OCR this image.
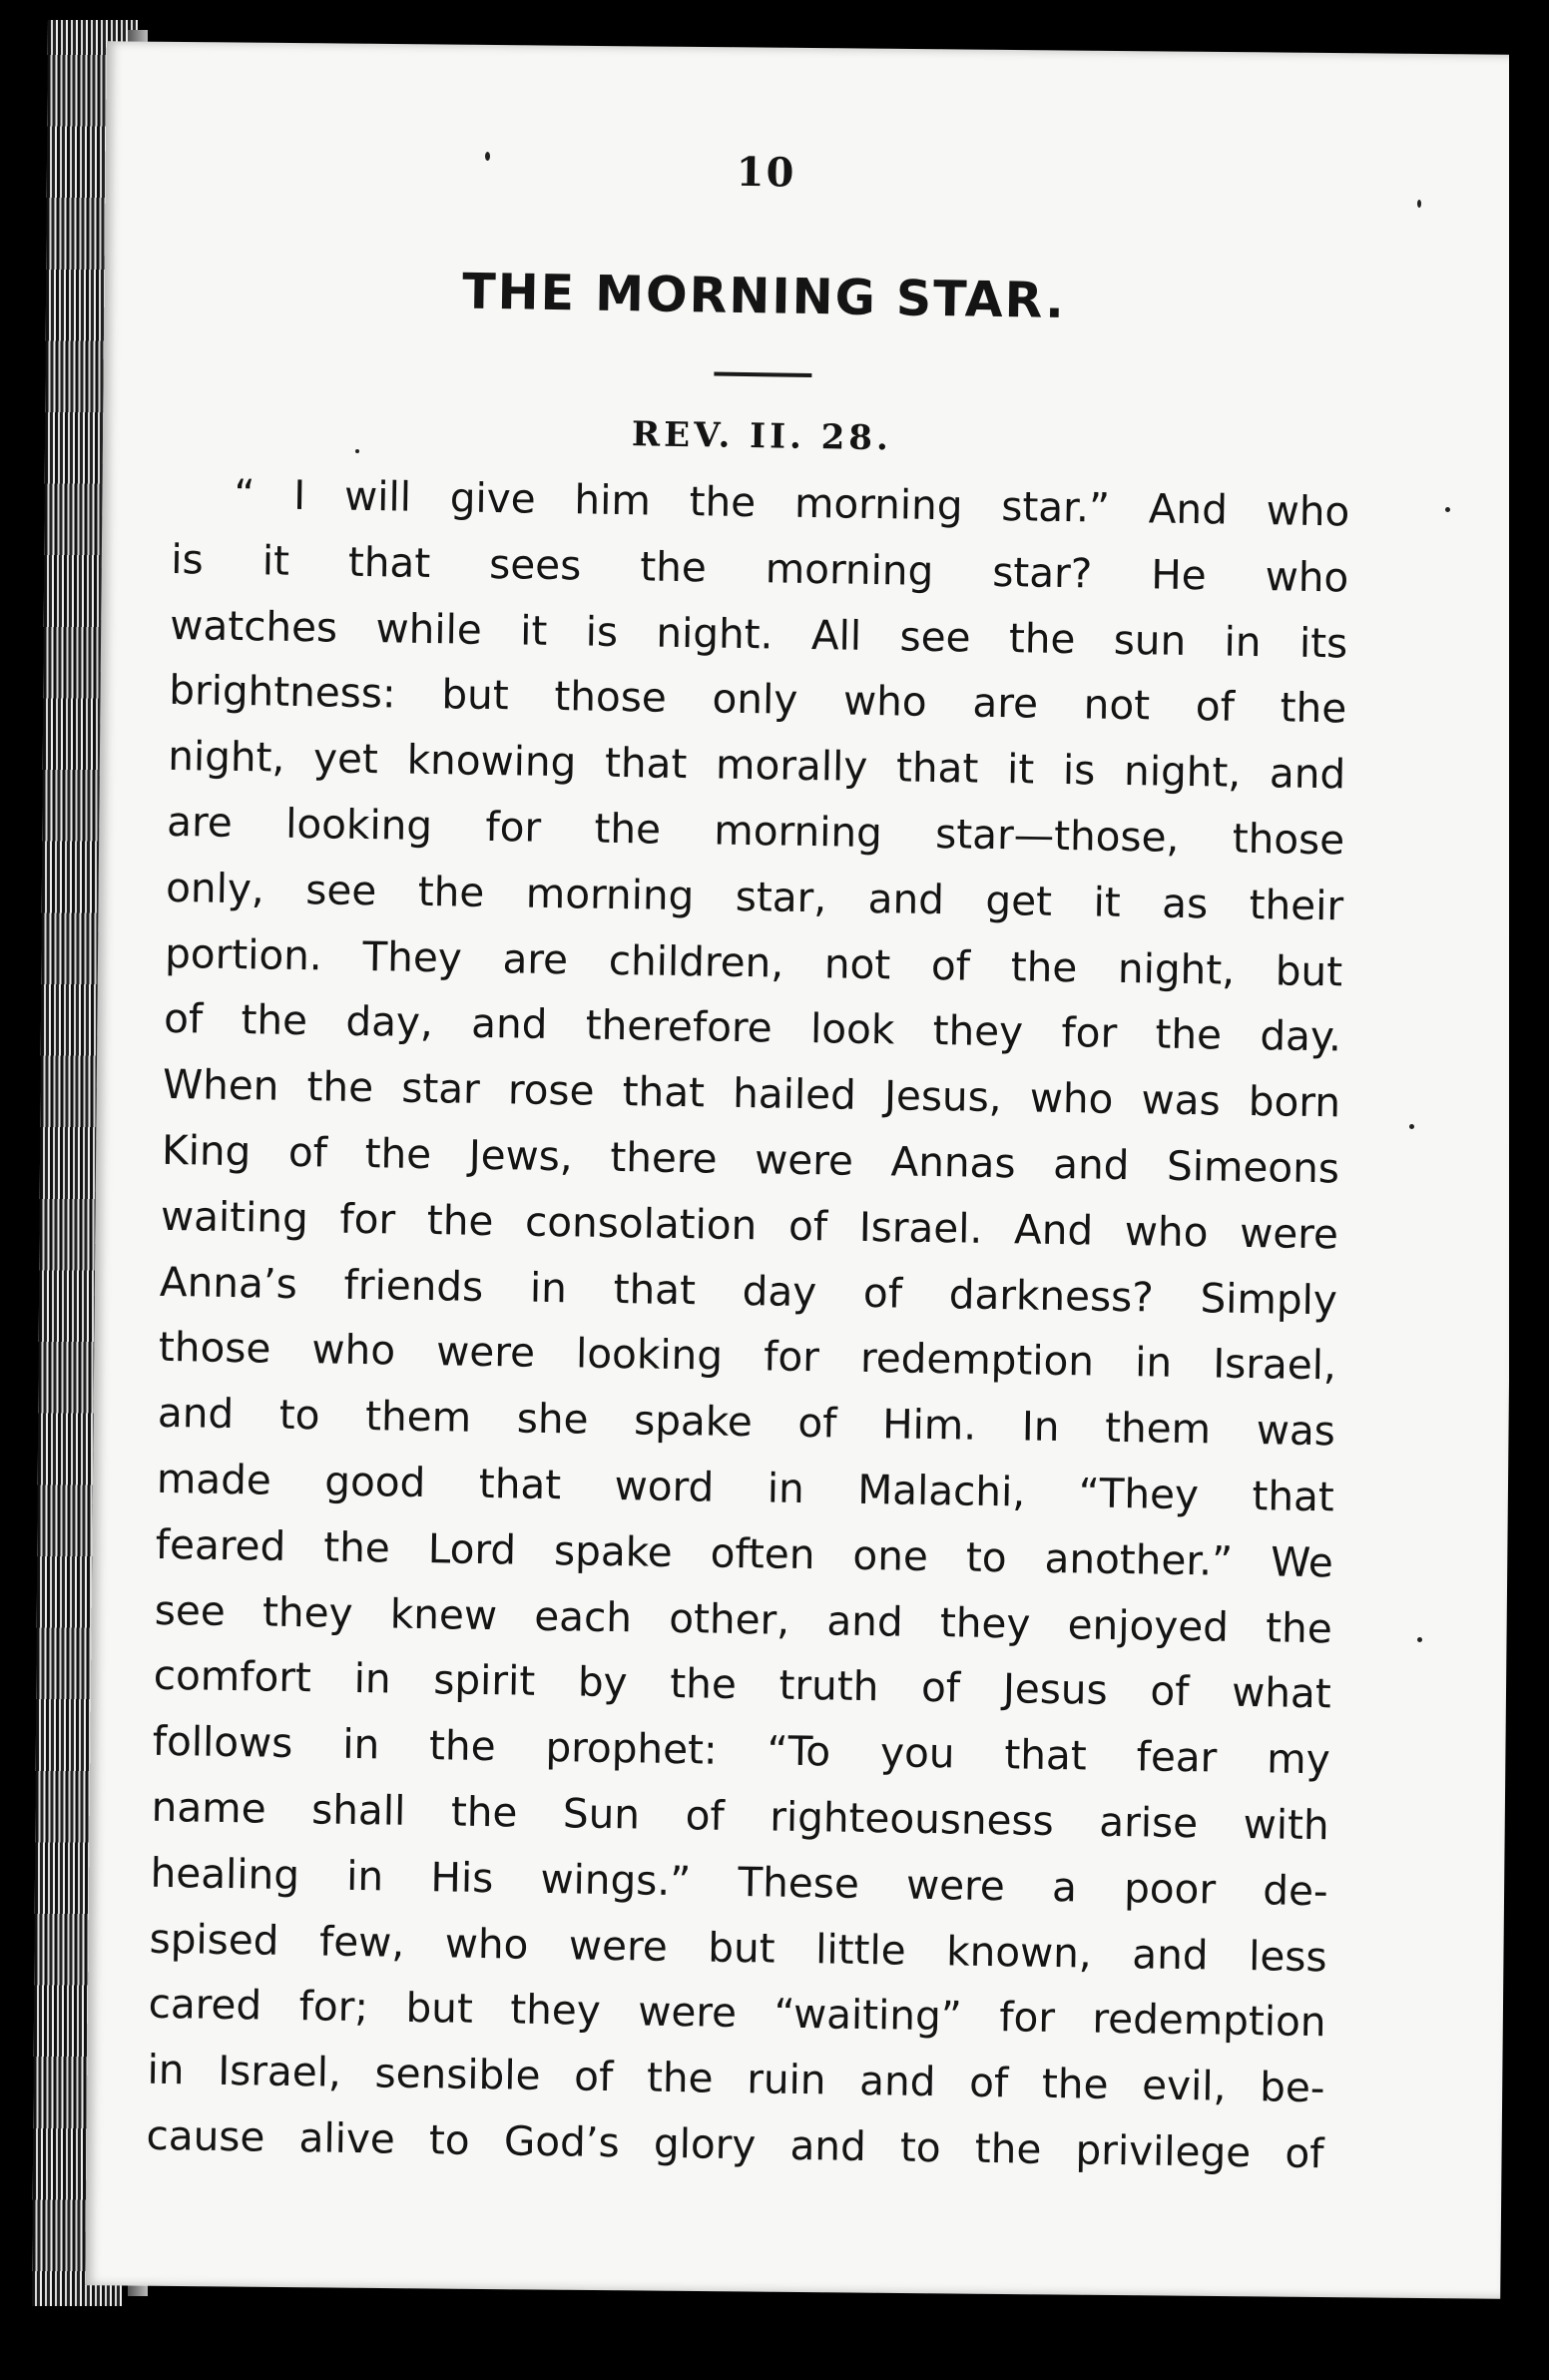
10
THE MORNING STAR.
REV. II. 28.
“ I will give him the morning star.” And who
is it that sees the morning star? He who
watches while it is night. All see the sun in its
brightness: but those only who are not of the
night, yet knowing that morally that it is night, and
are looking for the morning star—those, those
only, see the morning star, and get it as their
portion. They are children, not of the night, but
of the day, and therefore look they for the day.
When the star rose that hailed Jesus, who was born
King of the Jews, there were Annas and Simeons
waiting for the consolation of Israel. And who were
Anna’s friends in that day of darkness? Simply
those who were looking for redemption in Israel,
and to them she spake of Him. In them was
made good that word in Malachi, “They that
feared the Lord spake often one to another.” We
see they knew each other, and they enjoyed the
comfort in spirit by the truth of Jesus of what
follows in the prophet: “To you that fear my
name shall the Sun of righteousness arise with
healing in His wings.” These were a poor de-
spised few, who were but little known, and less
cared for; but they were “waiting” for redemption
in Israel, sensible of the ruin and of the evil, be-
cause alive to God’s glory and to the privilege of
